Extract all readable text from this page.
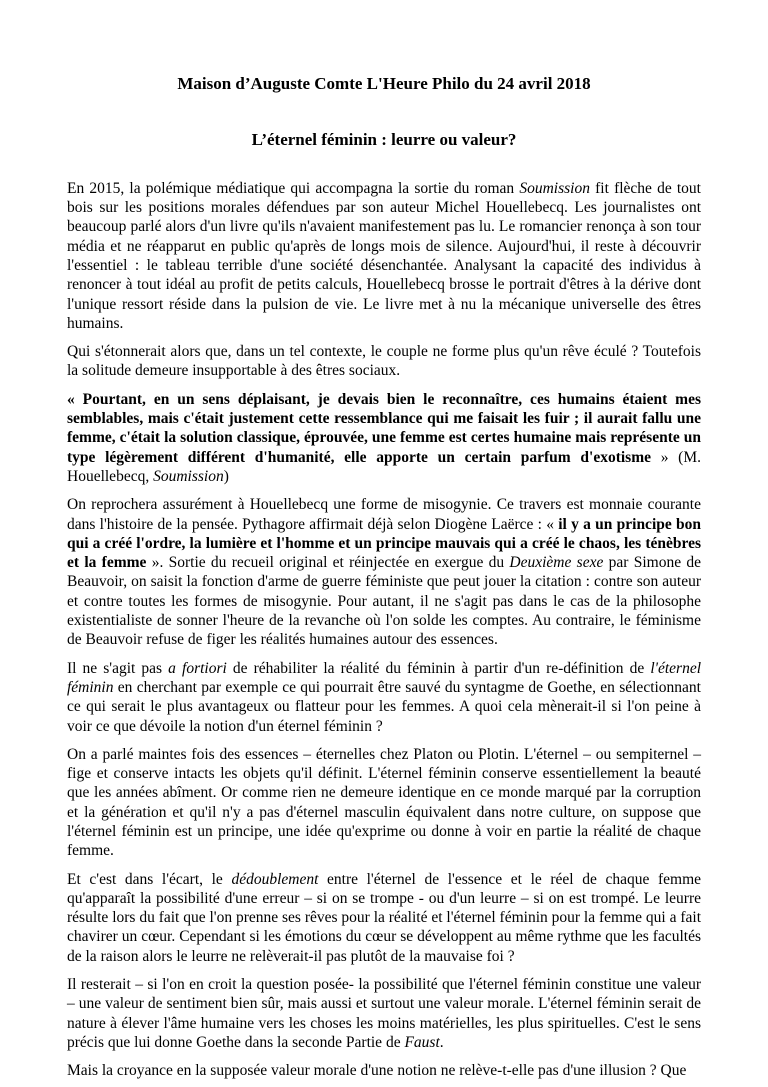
Maison d’Auguste Comte L'Heure Philo du 24 avril 2018
L’éternel féminin : leurre ou valeur?

En 2015, la polémique médiatique qui accompagna la sortie du roman Soumission fit flèche de tout bois sur les positions morales défendues par son auteur Michel Houellebecq. Les journalistes ont beaucoup parlé alors d'un livre qu'ils n'avaient manifestement pas lu. Le romancier renonça à son tour média et ne réapparut en public qu'après de longs mois de silence. Aujourd'hui, il reste à découvrir l'essentiel : le tableau terrible d'une société désenchantée. Analysant la capacité des individus à renoncer à tout idéal au profit de petits calculs, Houellebecq brosse le portrait d'êtres à la dérive dont l'unique ressort réside dans la pulsion de vie. Le livre met à nu la mécanique universelle des êtres humains.

Qui s'étonnerait alors que, dans un tel contexte, le couple ne forme plus qu'un rêve éculé ? Toutefois la solitude demeure insupportable à des êtres sociaux.

« Pourtant, en un sens déplaisant, je devais bien le reconnaître, ces humains étaient mes semblables, mais c'était justement cette ressemblance qui me faisait les fuir ; il aurait fallu une femme, c'était la solution classique, éprouvée, une femme est certes humaine mais représente un type légèrement différent d'humanité, elle apporte un certain parfum d'exotisme » (M. Houellebecq, Soumission)

On reprochera assurément à Houellebecq une forme de misogynie. Ce travers est monnaie courante dans l'histoire de la pensée. Pythagore affirmait déjà selon Diogène Laërce : « il y a un principe bon qui a créé l'ordre, la lumière et l'homme et un principe mauvais qui a créé le chaos, les ténèbres et la femme ». Sortie du recueil original et réinjectée en exergue du Deuxième sexe par Simone de Beauvoir, on saisit la fonction d'arme de guerre féministe que peut jouer la citation : contre son auteur et contre toutes les formes de misogynie. Pour autant, il ne s'agit pas dans le cas de la philosophe existentialiste de sonner l'heure de la revanche où l'on solde les comptes. Au contraire, le féminisme de Beauvoir refuse de figer les réalités humaines autour des essences.

Il ne s'agit pas a fortiori de réhabiliter la réalité du féminin à partir d'un re-définition de l'éternel féminin en cherchant par exemple ce qui pourrait être sauvé du syntagme de Goethe, en sélectionnant ce qui serait le plus avantageux ou flatteur pour les femmes. A quoi cela mènerait-il si l'on peine à voir ce que dévoile la notion d'un éternel féminin ?

On a parlé maintes fois des essences – éternelles chez Platon ou Plotin. L'éternel – ou sempiternel – fige et conserve intacts les objets qu'il définit. L'éternel féminin conserve essentiellement la beauté que les années abîment. Or comme rien ne demeure identique en ce monde marqué par la corruption et la génération et qu'il n'y a pas d'éternel masculin équivalent dans notre culture, on suppose que l'éternel féminin est un principe, une idée qu'exprime ou donne à voir en partie la réalité de chaque femme.

Et c'est dans l'écart, le dédoublement entre l'éternel de l'essence et le réel de chaque femme qu'apparaît la possibilité d'une erreur – si on se trompe - ou d'un leurre – si on est trompé. Le leurre résulte lors du fait que l'on prenne ses rêves pour la réalité et l'éternel féminin pour la femme qui a fait chavirer un cœur. Cependant si les émotions du cœur se développent au même rythme que les facultés de la raison alors le leurre ne relèverait-il pas plutôt de la mauvaise foi ?

Il resterait – si l'on en croit la question posée- la possibilité que l'éternel féminin constitue une valeur – une valeur de sentiment bien sûr, mais aussi et surtout une valeur morale. L'éternel féminin serait de nature à élever l'âme humaine vers les choses les moins matérielles, les plus spirituelles. C'est le sens précis que lui donne Goethe dans la seconde Partie de Faust.

Mais la croyance en la supposée valeur morale d'une notion ne relève-t-elle pas d'une illusion ? Que
